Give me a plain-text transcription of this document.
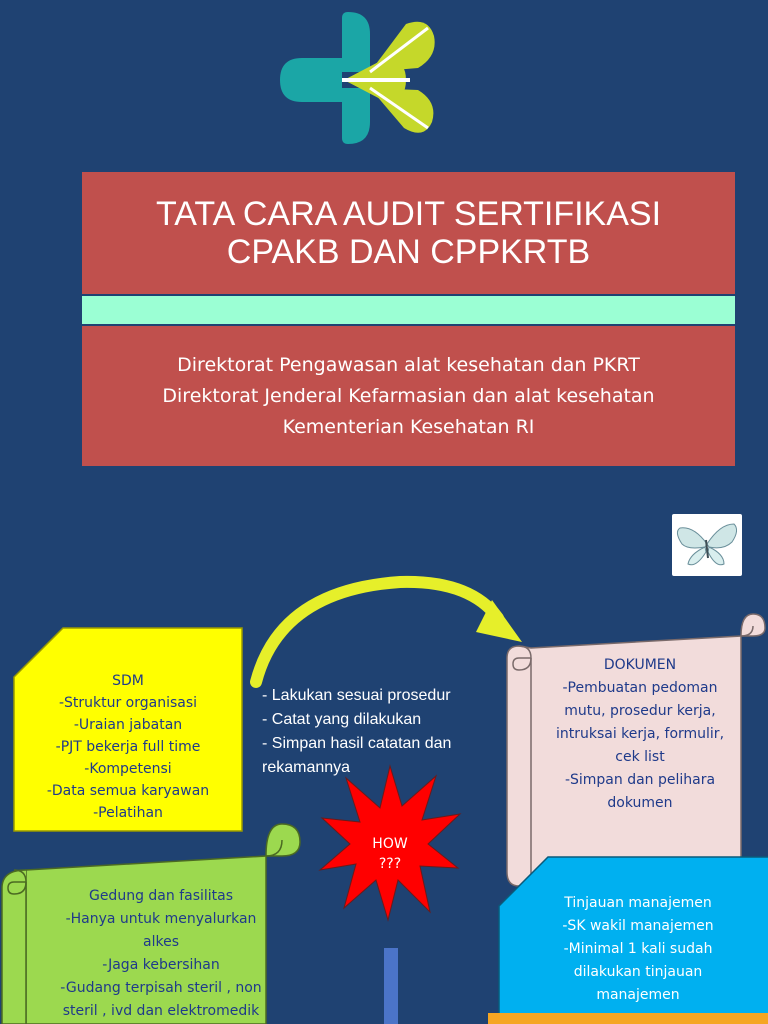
TATA CARA AUDIT SERTIFIKASI
CPAKB DAN CPPKRTB
Direktorat Pengawasan alat kesehatan dan PKRT
Direktorat Jenderal Kefarmasian dan alat kesehatan
Kementerian Kesehatan RI
SDM
-Struktur organisasi
-Uraian jabatan
-PJT bekerja full time
-Kompetensi
-Data semua karyawan
-Pelatihan
- Lakukan sesuai prosedur
- Catat yang dilakukan
- Simpan hasil catatan dan
rekamannya
HOW
???
DOKUMEN
-Pembuatan pedoman
mutu, prosedur kerja,
intruksai kerja, formulir,
cek list
-Simpan dan pelihara
dokumen
Gedung dan fasilitas
-Hanya untuk menyalurkan
alkes
-Jaga kebersihan
-Gudang terpisah steril , non
steril , ivd dan elektromedik
Tinjauan manajemen
-SK wakil manajemen
-Minimal 1 kali sudah
dilakukan tinjauan
manajemen
